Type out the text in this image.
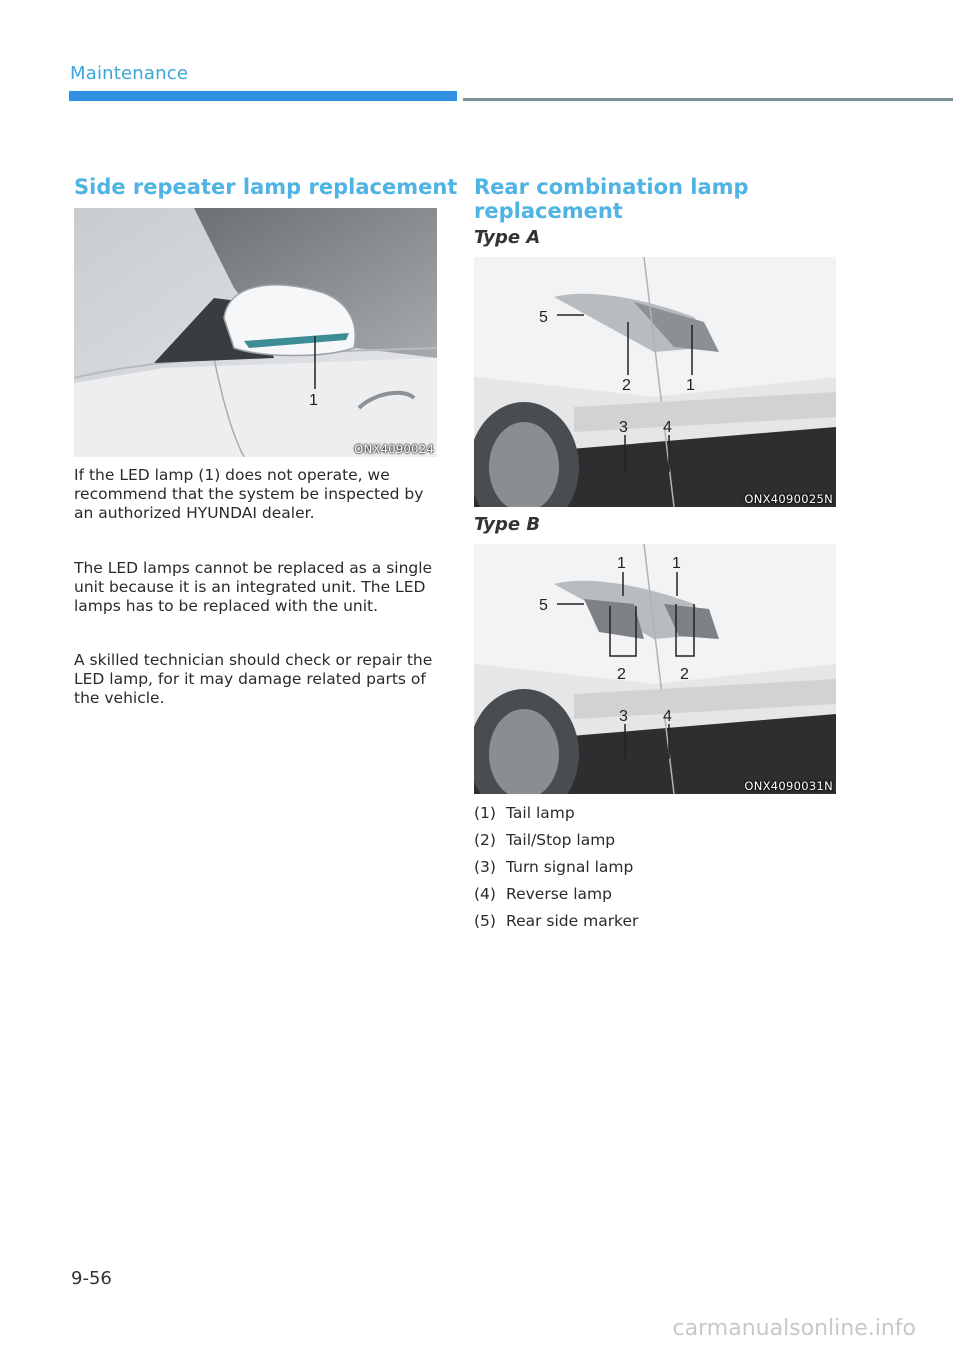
Maintenance
Side repeater lamp replacement
1
ONX4090024
If the LED lamp (1) does not operate, we recommend that the system be inspected by an authorized HYUNDAI dealer.
The LED lamps cannot be replaced as a single unit because it is an integrated unit. The LED lamps has to be replaced with the unit.
A skilled technician should check or repair the LED lamp, for it may damage related parts of the vehicle.
Rear combination lamp
replacement
Type A
5
2	1
3 4
ONX4090025N
Type B
1	1
5
2	2
3 4
ONX4090031N
(1) Tail lamp
(2) Tail/Stop lamp
(3) Turn signal lamp
(4) Reverse lamp
(5) Rear side marker
9-56
carmanualsonline.info
